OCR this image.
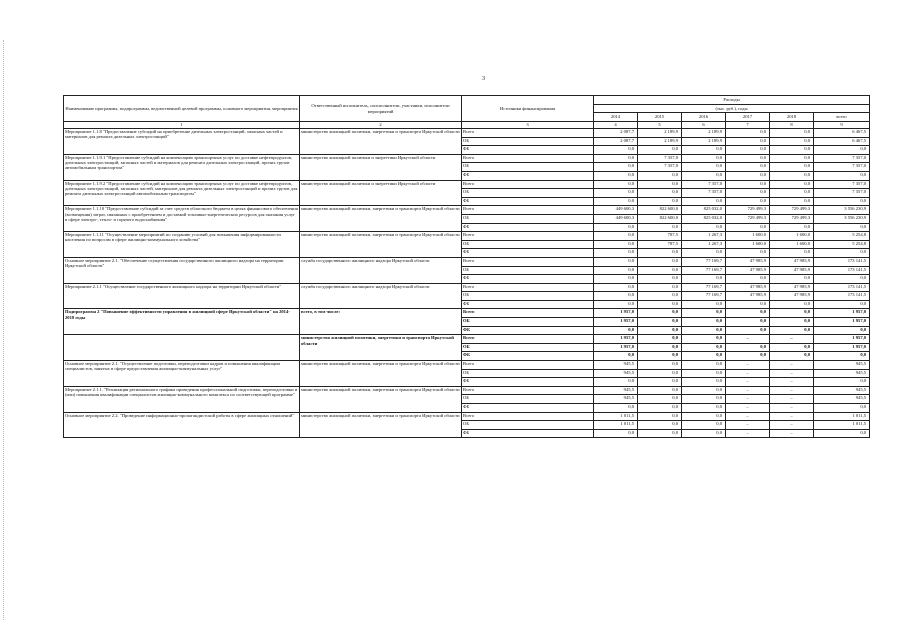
3
Наименование программы, подпрограммы, ведомственной целевой программы, основного мероприятия, мероприятия	Ответственный исполнитель, соисполнители, участники, исполнители мероприятий	Источники финансирования	Расходы					
			(тыс. руб.), годы					
			2014	2015	2016	2017	2018	всего
1	2	3	4	5	6	7	8	9
Мероприятие 1.1.8 "Предоставление субсидий на приобретение дизельных электростанций, запасных частей и материалов для ремонта дизельных электростанций"	министерство жилищной политики, энергетики и транспорта Иркутской области	Всего	2 087,7	2 189,9	2 189,9	0,0	0,0	6 467,5
		ОБ	2 087,7	2 189,9	2 189,9	0,0	0,0	6 467,5
		ФБ	0,0	0,0	0,0	0,0	0,0	0,0
Мероприятие 1.1.9.1 "Предоставление субсидий на компенсацию транспортных услуг по доставке нефтепродуктов, дизельных электростанций, запасных частей и материалов для ремонта дизельных электростанций, прочих грузов автомобильным транспортом"	министерство жилищной политики и энергетики Иркутской области	Всего	0,0	7 357,0	0,0	0,0	0,0	7 357,0
		ОБ	0,0	7 357,0	0,0	0,0	0,0	7 357,0
		ФБ	0,0	0,0	0,0	0,0	0,0	0,0
Мероприятие 1.1.9.2 "Предоставление субсидий на компенсацию транспортных услуг по доставке нефтепродуктов, дизельных электростанций, запасных частей, материалов для ремонта дизельных электростанций и прочих грузов для ремонта дизельных электростанций автомобильным транспортом"	министерство жилищной политики и энергетики Иркутской области	Всего	0,0	0,0	7 357,0	0,0	0,0	7 357,0
		ОБ	0,0	0,0	7 357,0	0,0	0,0	7 357,0
		ФБ	0,0	0,0	0,0	0,0	0,0	0,0
Мероприятие 1.1.10 "Предоставление субсидий за счет средств областного бюджета в целях финансового обеспечения (возмещения) затрат, связанных с приобретением и доставкой топливно-энергетических ресурсов для оказания услуг в сфере электро-, тепло- и горячего водоснабжения"	министерство жилищной политики, энергетики и транспорта Иркутской области	Всего	449 600,3	822 600,0	825 032,0	729 499,3	729 499,3	3 556 230,9
		ОБ	449 600,3	822 600,0	825 032,0	729 499,3	729 499,3	3 556 230,9
		ФБ	0,0	0,0	0,0	0,0	0,0	0,0
Мероприятие 1.1.11 "Осуществление мероприятий по созданию условий для повышения информированности населения по вопросам в сфере жилищно-коммунального хозяйства"	министерство жилищной политики, энергетики и транспорта Иркутской области	Всего	0,0	787,5	1 267,3	1 600,0	1 600,0	5 254,8
		ОБ	0,0	787,5	1 267,3	1 600,0	1 600,0	5 254,8
		ФБ	0,0	0,0	0,0	0,0	0,0	0,0
Основное мероприятие 2.1. "Обеспечение осуществления государственного жилищного надзора на территории Иркутской области"	служба государственного жилищного надзора Иркутской области	Всего	0,0	0,0	77 169,7	47 985,9	47 985,9	173 141,5
		ОБ	0,0	0,0	77 169,7	47 985,9	47 985,9	173 141,5
		ФБ	0,0	0,0	0,0	0,0	0,0	0,0
Мероприятие 2.1.1 "Осуществление государственного жилищного надзора на территории Иркутской области"	служба государственного жилищного надзора Иркутской области	Всего	0,0	0,0	77 169,7	47 985,9	47 985,9	173 141,5
		ОБ	0,0	0,0	77 169,7	47 985,9	47 985,9	173 141,5
		ФБ	0,0	0,0	0,0	0,0	0,0	0,0
Подпрограмма 2 "Повышение эффективности управления в жилищной сфере Иркутской области" на 2014-2018 годы	всего, в том числе:	Всего	1 957,0	0,0	0,0	0,0	0,0	1 957,0
		ОБ	1 957,0	0,0	0,0	0,0	0,0	1 957,0
		ФБ	0,0	0,0	0,0	0,0	0,0	0,0
	министерство жилищной политики, энергетики и транспорта Иркутской области	Всего	1 957,0	0,0	0,0	–	–	1 957,0
		ОБ	1 957,0	0,0	0,0	0,0	0,0	1 957,0
		ФБ	0,0	0,0	0,0	0,0	0,0	0,0
Основное мероприятие 2.1. "Осуществление подготовки, переподготовки кадров и повышения квалификации специалистов, занятых в сфере предоставления жилищно-коммунальных услуг"	министерство жилищной политики, энергетики и транспорта Иркутской области	Всего	945,5	0,0	0,0	–	–	945,5
		ОБ	945,5	0,0	0,0	–	–	945,5
		ФБ	0,0	0,0	0,0	–	–	0,0
Мероприятие 2.1.1. "Реализация регионального графика проведения профессиональной подготовки, переподготовки и (или) повышения квалификации специалистов жилищно-коммунального комплекса по соответствующей программе"	министерство жилищной политики, энергетики и транспорта Иркутской области	Всего	945,5	0,0	0,0	–	–	945,5
		ОБ	945,5	0,0	0,0	–	–	945,5
		ФБ	0,0	0,0	0,0	–	–	0,0
Основное мероприятие 2.2. "Проведение информационно-пропагандистской работы в сфере жилищных отношений"	министерство жилищной политики, энергетики и транспорта Иркутской области	Всего	1 011,5	0,0	0,0	–	–	1 011,5
		ОБ	1 011,5	0,0	0,0	–	–	1 011,5
		ФБ	0,0	0,0	0,0	–	–	0,0
